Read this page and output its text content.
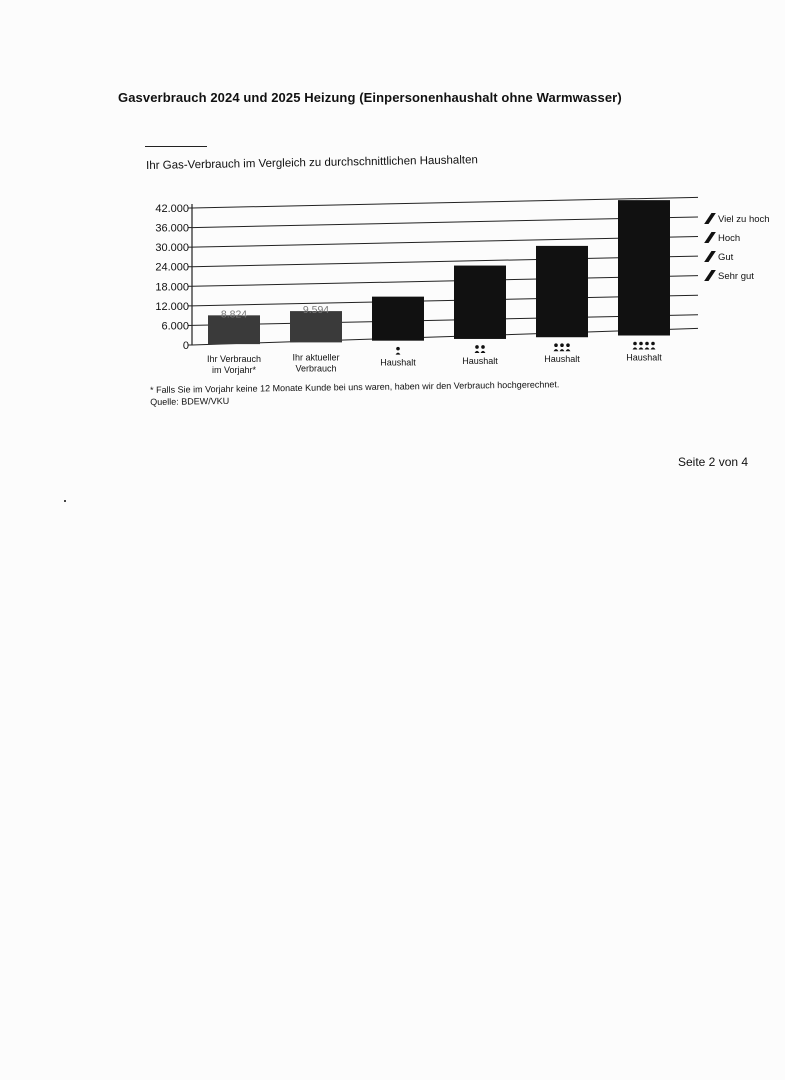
Gasverbrauch 2024 und 2025 Heizung (Einpersonenhaushalt ohne Warmwasser)
Ihr Gas-Verbrauch im Vergleich zu durchschnittlichen Haushalten
0
6.000
12.000
18.000
24.000
30.000
36.000
42.000
8.824
Ihr Verbrauch
im Vorjahr*
9.594
Ihr aktueller
Verbrauch
Haushalt	Haushalt	Haushalt	Haushalt
Viel zu hoch
Hoch
Gut
Sehr gut
* Falls Sie im Vorjahr keine 12 Monate Kunde bei uns waren, haben wir den Verbrauch hochgerechnet.
Quelle: BDEW/VKU
Seite 2 von 4
